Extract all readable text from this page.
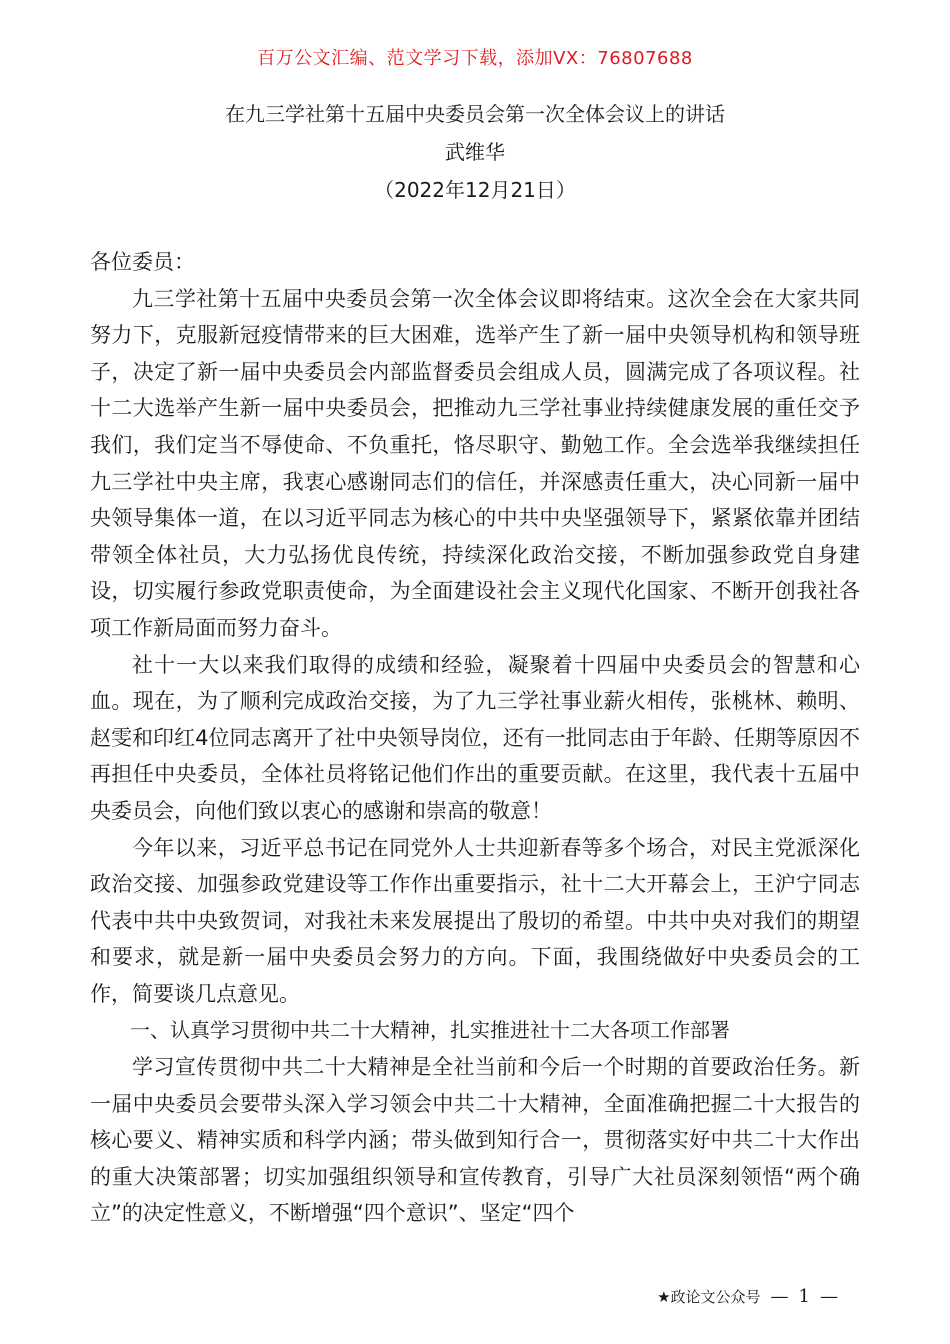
百万公文汇编、范文学习下载，添加VX：76807688
在九三学社第十五届中央委员会第一次全体会议上的讲话
武维华
（2022年12月21日）

各位委员：

九三学社第十五届中央委员会第一次全体会议即将结束。这次全会在大家共同努力下，克服新冠疫情带来的巨大困难，选举产生了新一届中央领导机构和领导班子，决定了新一届中央委员会内部监督委员会组成人员，圆满完成了各项议程。社十二大选举产生新一届中央委员会，把推动九三学社事业持续健康发展的重任交予我们，我们定当不辱使命、不负重托，恪尽职守、勤勉工作。全会选举我继续担任九三学社中央主席，我衷心感谢同志们的信任，并深感责任重大，决心同新一届中央领导集体一道，在以习近平同志为核心的中共中央坚强领导下，紧紧依靠并团结带领全体社员，大力弘扬优良传统，持续深化政治交接，不断加强参政党自身建设，切实履行参政党职责使命，为全面建设社会主义现代化国家、不断开创我社各项工作新局面而努力奋斗。

社十一大以来我们取得的成绩和经验，凝聚着十四届中央委员会的智慧和心血。现在，为了顺利完成政治交接，为了九三学社事业薪火相传，张桃林、赖明、赵雯和印红4位同志离开了社中央领导岗位，还有一批同志由于年龄、任期等原因不再担任中央委员，全体社员将铭记他们作出的重要贡献。在这里，我代表十五届中央委员会，向他们致以衷心的感谢和崇高的敬意！

今年以来，习近平总书记在同党外人士共迎新春等多个场合，对民主党派深化政治交接、加强参政党建设等工作作出重要指示，社十二大开幕会上，王沪宁同志代表中共中央致贺词，对我社未来发展提出了殷切的希望。中共中央对我们的期望和要求，就是新一届中央委员会努力的方向。下面，我围绕做好中央委员会的工作，简要谈几点意见。

一、认真学习贯彻中共二十大精神，扎实推进社十二大各项工作部署

学习宣传贯彻中共二十大精神是全社当前和今后一个时期的首要政治任务。新一届中央委员会要带头深入学习领会中共二十大精神，全面准确把握二十大报告的核心要义、精神实质和科学内涵；带头做到知行合一，贯彻落实好中共二十大作出的重大决策部署；切实加强组织领导和宣传教育，引导广大社员深刻领悟“两个确立”的决定性意义，不断增强“四个意识”、坚定“四个

★政论文公众号 — 1 —
